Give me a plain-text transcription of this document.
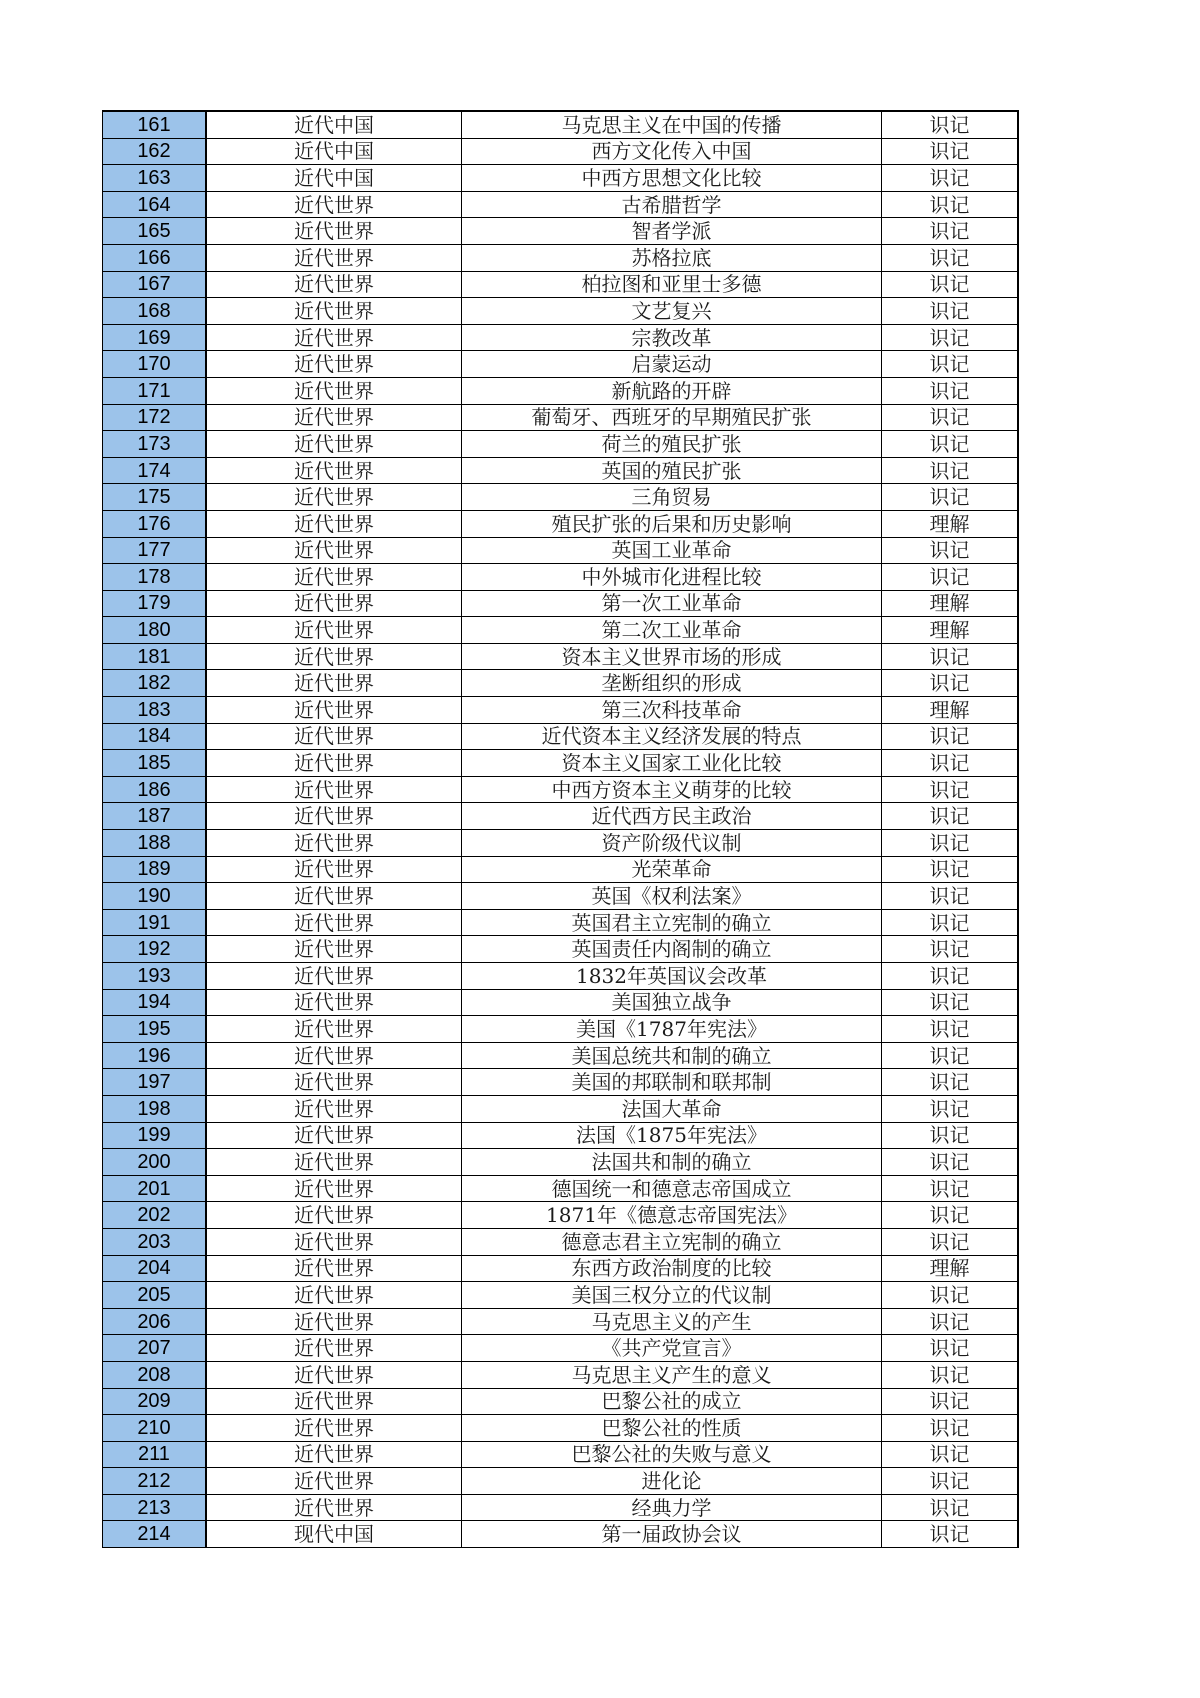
161	近代中国	马克思主义在中国的传播	识记
162	近代中国	西方文化传入中国	识记
163	近代中国	中西方思想文化比较	识记
164	近代世界	古希腊哲学	识记
165	近代世界	智者学派	识记
166	近代世界	苏格拉底	识记
167	近代世界	柏拉图和亚里士多德	识记
168	近代世界	文艺复兴	识记
169	近代世界	宗教改革	识记
170	近代世界	启蒙运动	识记
171	近代世界	新航路的开辟	识记
172	近代世界	葡萄牙、西班牙的早期殖民扩张	识记
173	近代世界	荷兰的殖民扩张	识记
174	近代世界	英国的殖民扩张	识记
175	近代世界	三角贸易	识记
176	近代世界	殖民扩张的后果和历史影响	理解
177	近代世界	英国工业革命	识记
178	近代世界	中外城市化进程比较	识记
179	近代世界	第一次工业革命	理解
180	近代世界	第二次工业革命	理解
181	近代世界	资本主义世界市场的形成	识记
182	近代世界	垄断组织的形成	识记
183	近代世界	第三次科技革命	理解
184	近代世界	近代资本主义经济发展的特点	识记
185	近代世界	资本主义国家工业化比较	识记
186	近代世界	中西方资本主义萌芽的比较	识记
187	近代世界	近代西方民主政治	识记
188	近代世界	资产阶级代议制	识记
189	近代世界	光荣革命	识记
190	近代世界	英国《权利法案》	识记
191	近代世界	英国君主立宪制的确立	识记
192	近代世界	英国责任内阁制的确立	识记
193	近代世界	1832年英国议会改革	识记
194	近代世界	美国独立战争	识记
195	近代世界	美国《1787年宪法》	识记
196	近代世界	美国总统共和制的确立	识记
197	近代世界	美国的邦联制和联邦制	识记
198	近代世界	法国大革命	识记
199	近代世界	法国《1875年宪法》	识记
200	近代世界	法国共和制的确立	识记
201	近代世界	德国统一和德意志帝国成立	识记
202	近代世界	1871年《德意志帝国宪法》	识记
203	近代世界	德意志君主立宪制的确立	识记
204	近代世界	东西方政治制度的比较	理解
205	近代世界	美国三权分立的代议制	识记
206	近代世界	马克思主义的产生	识记
207	近代世界	《共产党宣言》	识记
208	近代世界	马克思主义产生的意义	识记
209	近代世界	巴黎公社的成立	识记
210	近代世界	巴黎公社的性质	识记
211	近代世界	巴黎公社的失败与意义	识记
212	近代世界	进化论	识记
213	近代世界	经典力学	识记
214	现代中国	第一届政协会议	识记
